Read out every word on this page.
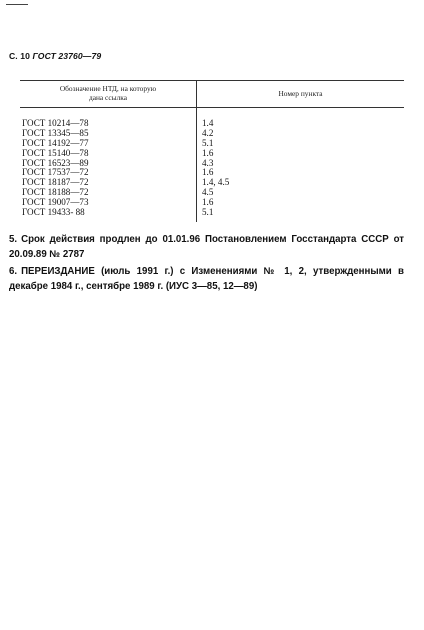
С. 10 ГОСТ 23760—79
Обозначение НТД, на которую
дана ссылка	Номер пункта
ГОСТ 10214—78
ГОСТ 13345—85
ГОСТ 14192—77
ГОСТ 15140—78
ГОСТ 16523—89
ГОСТ 17537—72
ГОСТ 18187—72
ГОСТ 18188—72
ГОСТ 19007—73
ГОСТ 19433- 88
1.4
4.2
5.1
1.6
4.3
1.6
1.4, 4.5
4.5
1.6
5.1
5. Срок действия продлен до 01.01.96 Постановлением Госстандарта СССР от 20.09.89 № 2787
6. ПЕРЕИЗДАНИЕ (июль 1991 г.) с Изменениями № 1, 2, утвержденными в декабре 1984 г., сентябре 1989 г. (ИУС 3—85, 12—89)
